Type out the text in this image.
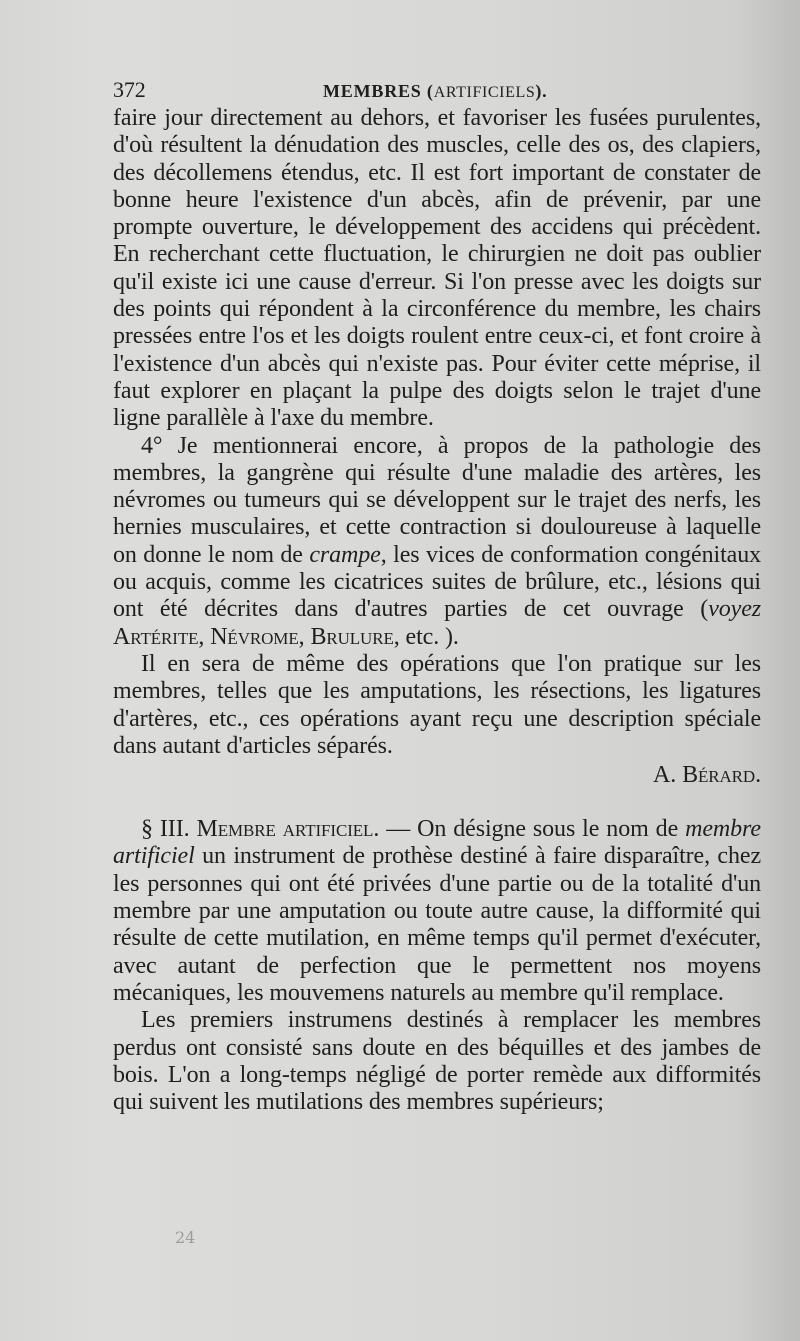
372	MEMBRES (ARTIFICIELS).

faire jour directement au dehors, et favoriser les fusées purulentes, d'où résultent la dénudation des muscles, celle des os, des clapiers, des décollemens étendus, etc. Il est fort important de constater de bonne heure l'existence d'un abcès, afin de prévenir, par une prompte ouverture, le développement des accidens qui précèdent. En recherchant cette fluctuation, le chirurgien ne doit pas oublier qu'il existe ici une cause d'erreur. Si l'on presse avec les doigts sur des points qui répondent à la circonférence du membre, les chairs pressées entre l'os et les doigts roulent entre ceux-ci, et font croire à l'existence d'un abcès qui n'existe pas. Pour éviter cette méprise, il faut explorer en plaçant la pulpe des doigts selon le trajet d'une ligne parallèle à l'axe du membre.

4° Je mentionnerai encore, à propos de la pathologie des membres, la gangrène qui résulte d'une maladie des artères, les névromes ou tumeurs qui se développent sur le trajet des nerfs, les hernies musculaires, et cette contraction si douloureuse à laquelle on donne le nom de crampe, les vices de conformation congénitaux ou acquis, comme les cicatrices suites de brûlure, etc., lésions qui ont été décrites dans d'autres parties de cet ouvrage (voyez Artérite, Névrome, Brulure, etc. ).

Il en sera de même des opérations que l'on pratique sur les membres, telles que les amputations, les résections, les ligatures d'artères, etc., ces opérations ayant reçu une description spéciale dans autant d'articles séparés.

A. Bérard.

§ III. Membre artificiel. — On désigne sous le nom de membre artificiel un instrument de prothèse destiné à faire disparaître, chez les personnes qui ont été privées d'une partie ou de la totalité d'un membre par une amputation ou toute autre cause, la difformité qui résulte de cette mutilation, en même temps qu'il permet d'exécuter, avec autant de perfection que le permettent nos moyens mécaniques, les mouvemens naturels au membre qu'il remplace.

Les premiers instrumens destinés à remplacer les membres perdus ont consisté sans doute en des béquilles et des jambes de bois. L'on a long-temps négligé de porter remède aux difformités qui suivent les mutilations des membres supérieurs;

24
